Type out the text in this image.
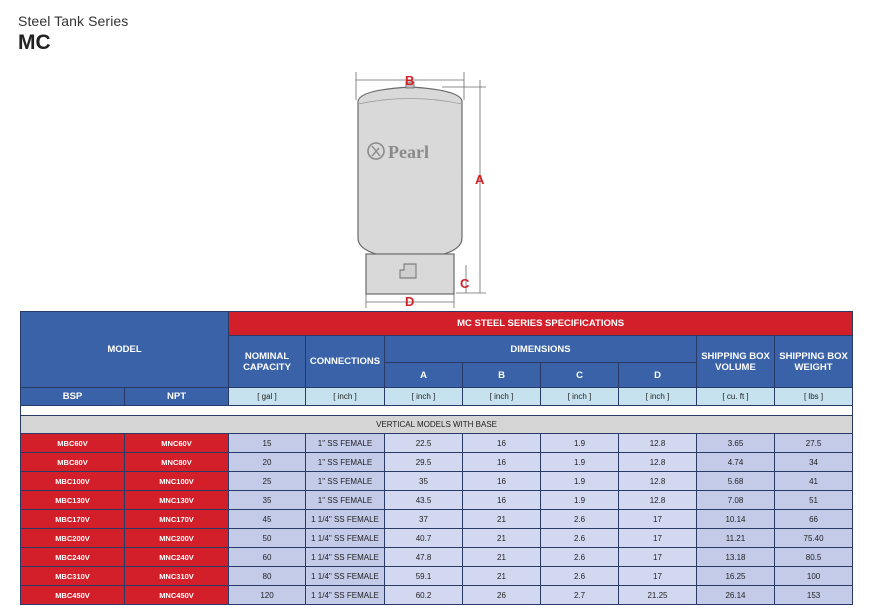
Steel Tank Series
MC
Pearl
B
A
C
D
MODEL		MC STEEL SERIES SPECIFICATIONS							
		NOMINAL CAPACITY	CONNECTIONS	DIMENSIONS				SHIPPING BOX VOLUME	SHIPPING BOX WEIGHT
				A	B	C	D		
BSP	NPT	[ gal ]	[ inch ]	[ inch ]	[ inch ]	[ inch ]	[ inch ]	[ cu. ft ]	[ lbs ]

VERTICAL MODELS WITH BASE									
MBC60V	MNC60V	15	1" SS FEMALE	22.5	16	1.9	12.8	3.65	27.5
MBC80V	MNC80V	20	1" SS FEMALE	29.5	16	1.9	12.8	4.74	34
MBC100V	MNC100V	25	1" SS FEMALE	35	16	1.9	12.8	5.68	41
MBC130V	MNC130V	35	1" SS FEMALE	43.5	16	1.9	12.8	7.08	51
MBC170V	MNC170V	45	1 1/4" SS FEMALE	37	21	2.6	17	10.14	66
MBC200V	MNC200V	50	1 1/4" SS FEMALE	40.7	21	2.6	17	11.21	75.40
MBC240V	MNC240V	60	1 1/4" SS FEMALE	47.8	21	2.6	17	13.18	80.5
MBC310V	MNC310V	80	1 1/4" SS FEMALE	59.1	21	2.6	17	16.25	100
MBC450V	MNC450V	120	1 1/4" SS FEMALE	60.2	26	2.7	21.25	26.14	153
